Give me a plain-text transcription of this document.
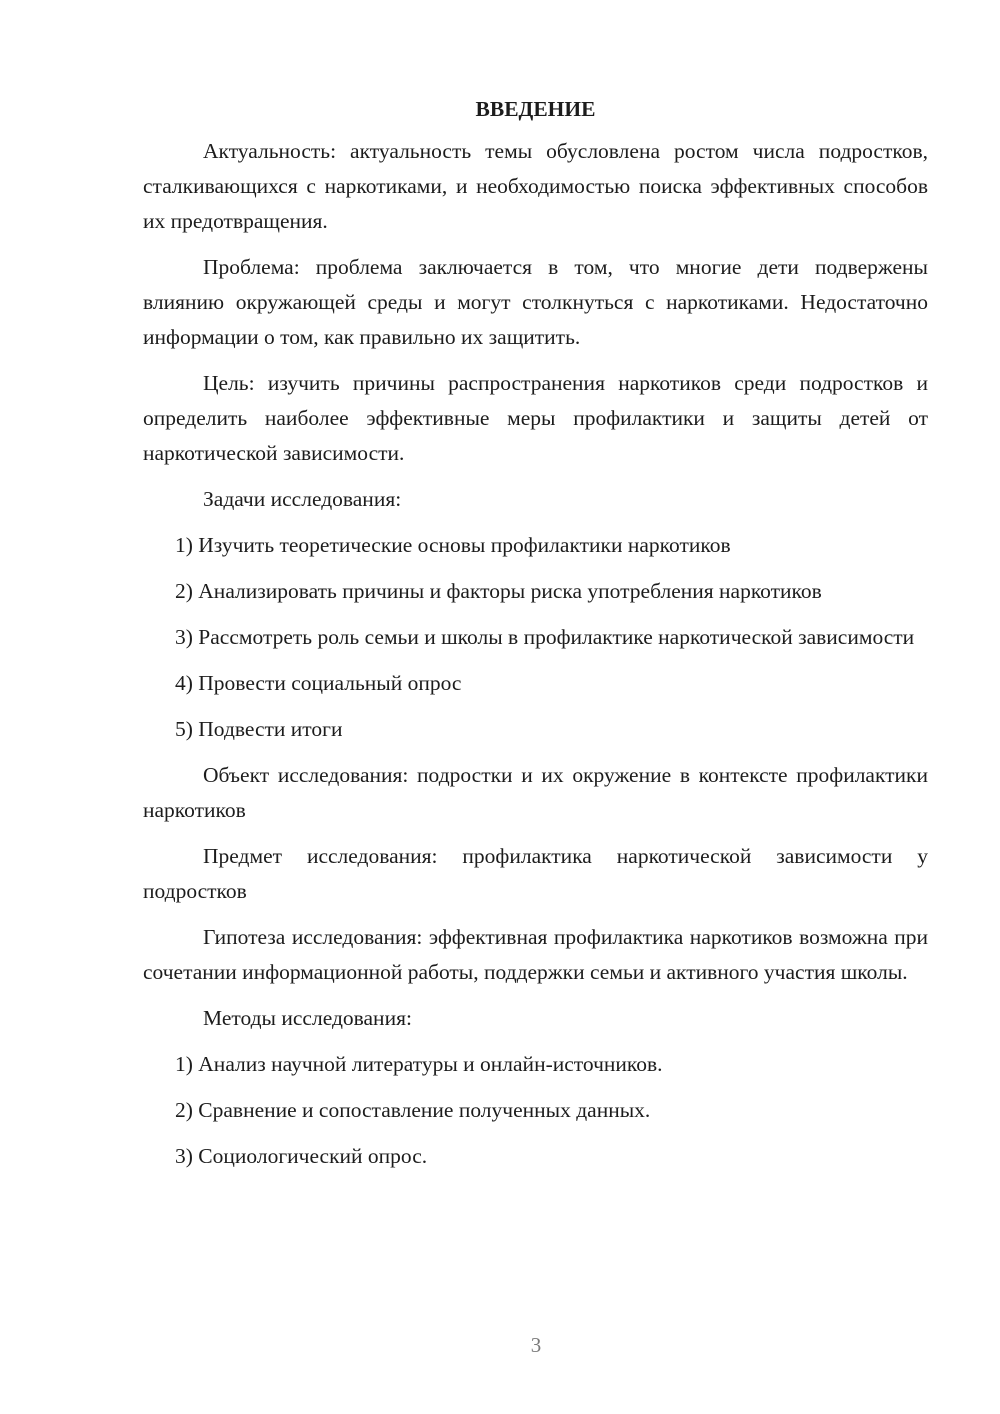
ВВЕДЕНИЕ

Актуальность: актуальность темы обусловлена ростом числа подростков, сталкивающихся с наркотиками, и необходимостью поиска эффективных способов их предотвращения.

Проблема: проблема заключается в том, что многие дети подвержены влиянию окружающей среды и могут столкнуться с наркотиками. Недостаточно информации о том, как правильно их защитить.

Цель: изучить причины распространения наркотиков среди подростков и определить наиболее эффективные меры профилактики и защиты детей от наркотической зависимости.

Задачи исследования:

1) Изучить теоретические основы профилактики наркотиков

2) Анализировать причины и факторы риска употребления наркотиков

3) Рассмотреть роль семьи и школы в профилактике наркотической зависимости

4) Провести социальный опрос

5) Подвести итоги

Объект исследования: подростки и их окружение в контексте профилактики наркотиков

Предмет исследования: профилактика наркотической зависимости у подростков

Гипотеза исследования: эффективная профилактика наркотиков возможна при сочетании информационной работы, поддержки семьи и активного участия школы.

Методы исследования:

1) Анализ научной литературы и онлайн-источников.

2) Сравнение и сопоставление полученных данных.

3) Социологический опрос.

3
